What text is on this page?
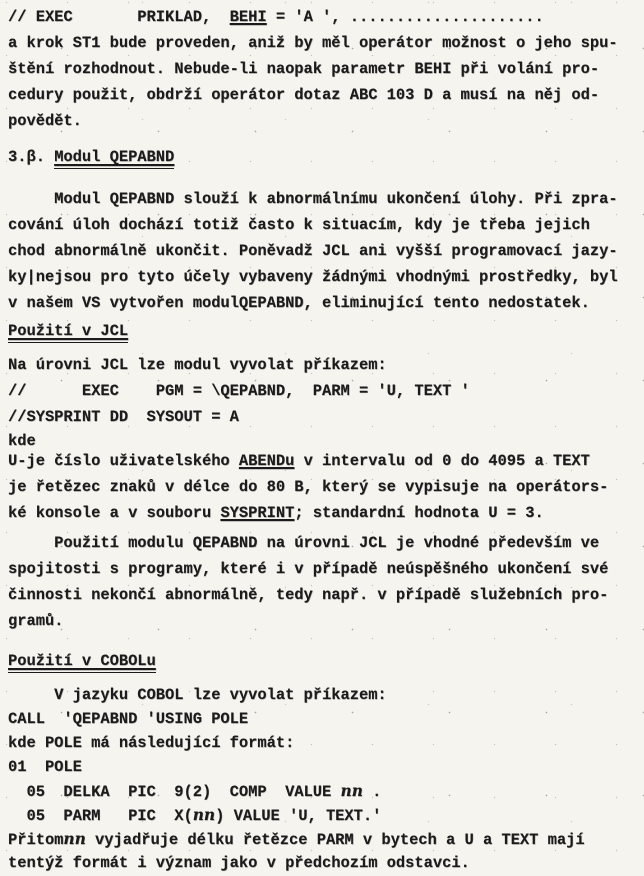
// EXEC       PRIKLAD,  BEHI = 'A ', .....................
a krok ST1 bude proveden, aniž by měl operátor možnost o jeho spu-
štění rozhodnout. Nebude-li naopak parametr BEHI při volání pro-
cedury použit, obdrží operátor dotaz ABC 103 D a musí na něj od-
povědět.
3.β. Modul QEPABND
Modul QEPABND slouží k abnormálnímu ukončení úlohy. Při zpra-
cování úloh dochází totiž často k situacím, kdy je třeba jejich
chod abnormálně ukončit. Poněvadž JCL ani vyšší programovací jazy-
ky|nejsou pro tyto účely vybaveny žádnými vhodnými prostředky, byl
v našem VS vytvořen modulQEPABND, eliminující tento nedostatek.
Použití v JCL
Na úrovni JCL lze modul vyvolat příkazem:
//      EXEC    PGM = \QEPABND,  PARM = 'U, TEXT '
//SYSPRINT DD  SYSOUT = A
kde
U-je číslo uživatelského ABENDu v intervalu od 0 do 4095 a TEXT
je řetězec znaků v délce do 80 B, který se vypisuje na operátors-
ké konsole a v souboru SYSPRINT; standardní hodnota U = 3.
Použití modulu QEPABND na úrovni JCL je vhodné především ve
spojitosti s programy, které i v případě neúspěšného ukončení své
činnosti nekončí abnormálně, tedy např. v případě služebních pro-
gramů.
Použití v COBOLu
V jazyku COBOL lze vyvolat příkazem:
CALL  'QEPABND 'USING POLE
kde POLE má následující formát:
01  POLE
05  DELKA  PIC  9(2)  COMP  VALUE nn .
05  PARM   PIC  X(nn) VALUE 'U, TEXT.'
Přitomnn vyjadřuje délku řetězce PARM v bytech a U a TEXT mají
tentýž formát i význam jako v předchozím odstavci.
